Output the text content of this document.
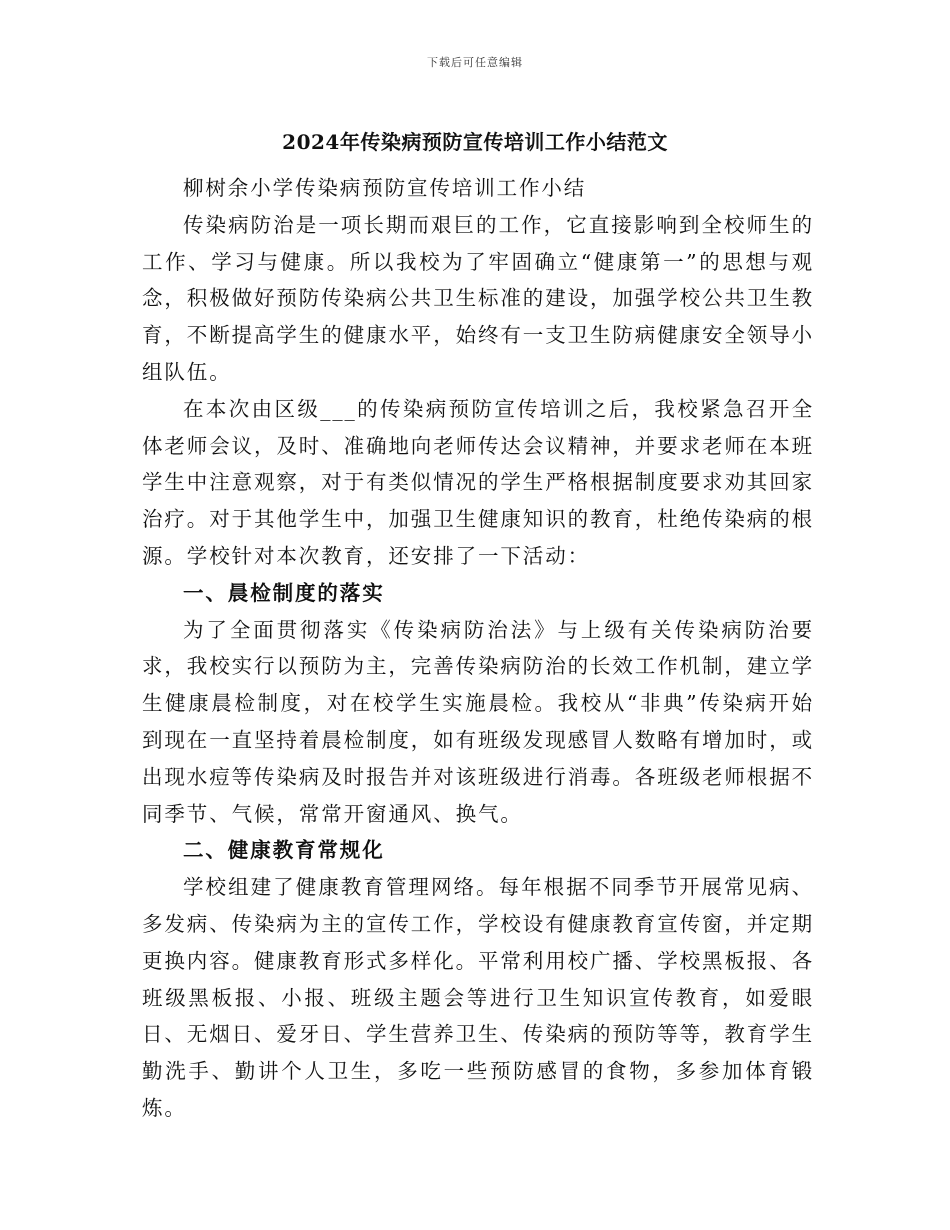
下载后可任意编辑
2024年传染病预防宣传培训工作小结范文

柳树余小学传染病预防宣传培训工作小结

传染病防治是一项长期而艰巨的工作，它直接影响到全校师生的工作、学习与健康。所以我校为了牢固确立“健康第一”的思想与观念，积极做好预防传染病公共卫生标准的建设，加强学校公共卫生教育，不断提高学生的健康水平，始终有一支卫生防病健康安全领导小组队伍。

在本次由区级___的传染病预防宣传培训之后，我校紧急召开全体老师会议，及时、准确地向老师传达会议精神，并要求老师在本班学生中注意观察，对于有类似情况的学生严格根据制度要求劝其回家治疗。对于其他学生中，加强卫生健康知识的教育，杜绝传染病的根源。学校针对本次教育，还安排了一下活动：

一、晨检制度的落实

为了全面贯彻落实《传染病防治法》与上级有关传染病防治要求，我校实行以预防为主，完善传染病防治的长效工作机制，建立学生健康晨检制度，对在校学生实施晨检。我校从“非典”传染病开始到现在一直坚持着晨检制度，如有班级发现感冒人数略有增加时，或出现水痘等传染病及时报告并对该班级进行消毒。各班级老师根据不同季节、气候，常常开窗通风、换气。

二、健康教育常规化

学校组建了健康教育管理网络。每年根据不同季节开展常见病、多发病、传染病为主的宣传工作，学校设有健康教育宣传窗，并定期更换内容。健康教育形式多样化。平常利用校广播、学校黑板报、各班级黑板报、小报、班级主题会等进行卫生知识宣传教育，如爱眼日、无烟日、爱牙日、学生营养卫生、传染病的预防等等，教育学生勤洗手、勤讲个人卫生，多吃一些预防感冒的食物，多参加体育锻炼。
